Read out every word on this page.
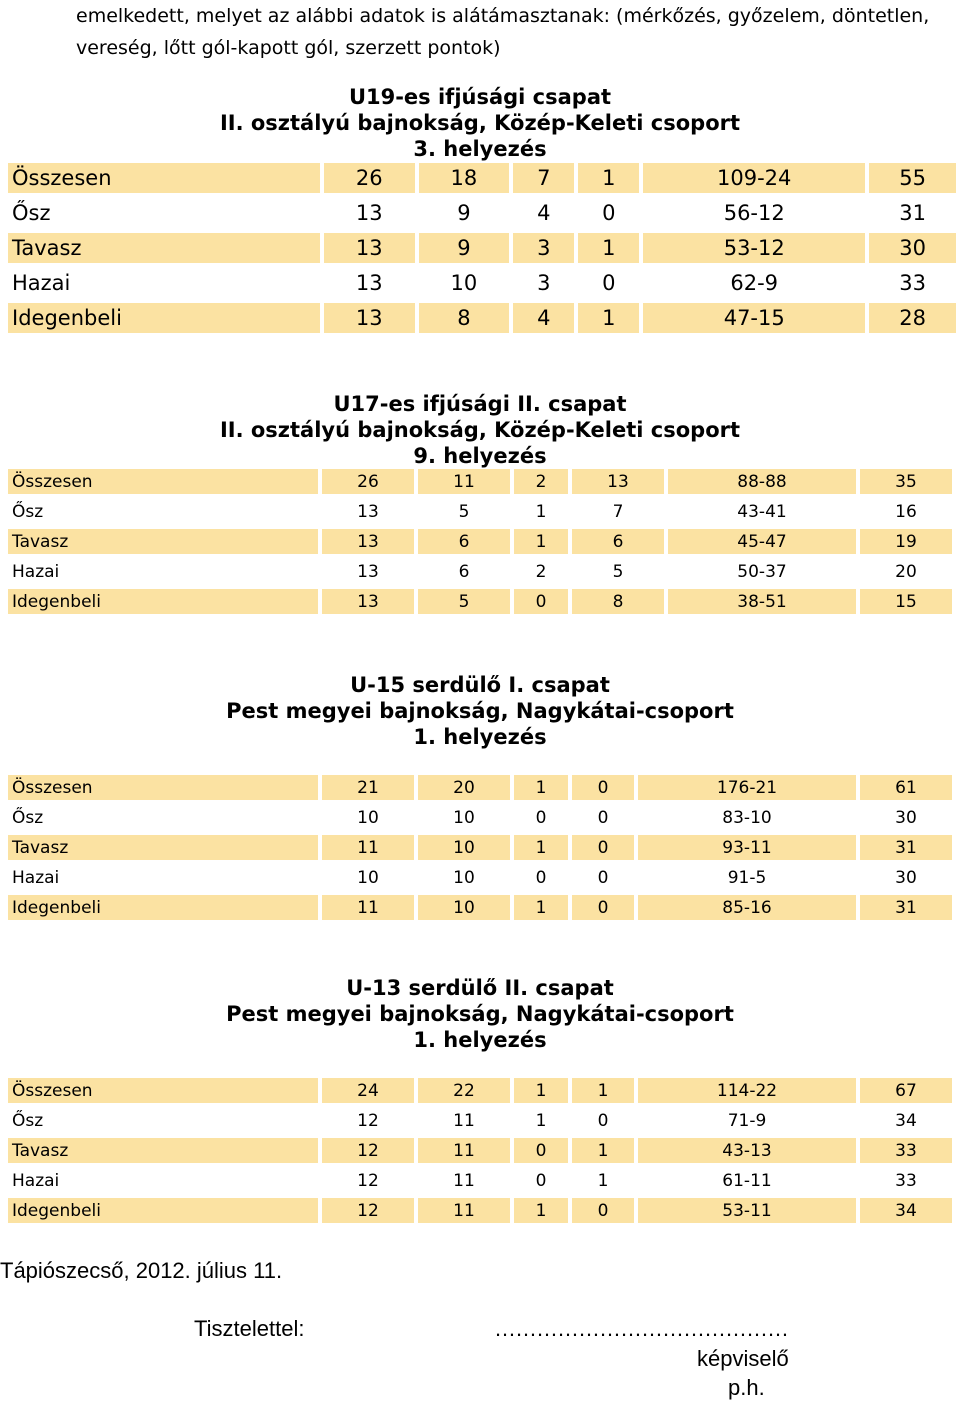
emelkedett, melyet az alábbi adatok is alátámasztanak: (mérkőzés, győzelem, döntetlen,
vereség, lőtt gól-kapott gól, szerzett pontok)
U19-es ifjúsági csapat
II. osztályú bajnokság, Közép-Keleti csoport
3. helyezés
Összesen	26	18	7	1	109-24	55
Ősz	13	9	4	0	56-12	31
Tavasz	13	9	3	1	53-12	30
Hazai	13	10	3	0	62-9	33
Idegenbeli	13	8	4	1	47-15	28
U17-es ifjúsági II. csapat
II. osztályú bajnokság, Közép-Keleti csoport
9. helyezés
Összesen	26	11	2	13	88-88	35
Ősz	13	5	1	7	43-41	16
Tavasz	13	6	1	6	45-47	19
Hazai	13	6	2	5	50-37	20
Idegenbeli	13	5	0	8	38-51	15
U-15 serdülő I. csapat
Pest megyei bajnokság, Nagykátai-csoport
1. helyezés
Összesen	21	20	1	0	176-21	61
Ősz	10	10	0	0	83-10	30
Tavasz	11	10	1	0	93-11	31
Hazai	10	10	0	0	91-5	30
Idegenbeli	11	10	1	0	85-16	31
U-13 serdülő II. csapat
Pest megyei bajnokság, Nagykátai-csoport
1. helyezés
Összesen	24	22	1	1	114-22	67
Ősz	12	11	1	0	71-9	34
Tavasz	12	11	0	1	43-13	33
Hazai	12	11	0	1	61-11	33
Idegenbeli	12	11	1	0	53-11	34
Tápiószecső, 2012. július 11.
Tisztelettel:	……………………………………
képviselő
p.h.
